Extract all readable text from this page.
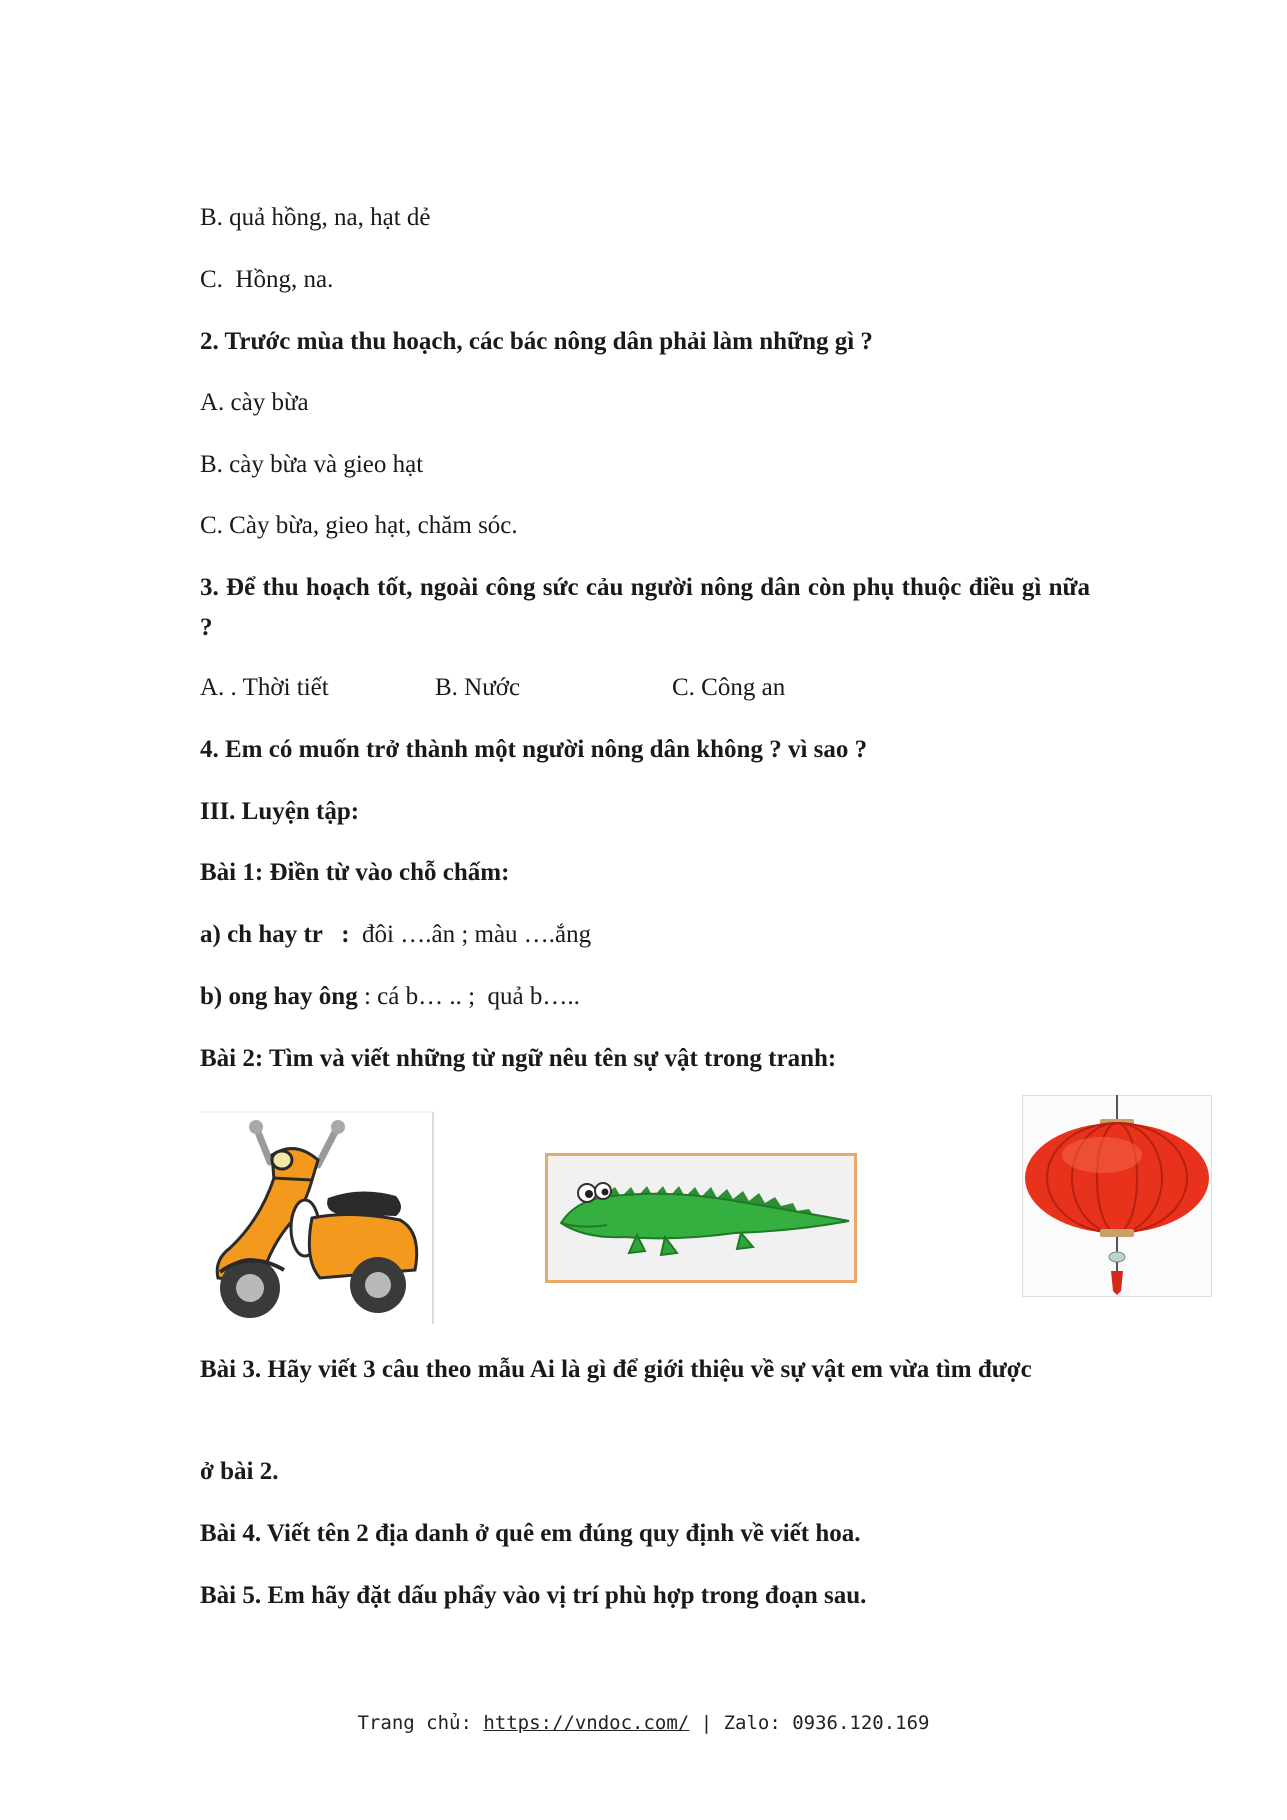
B. quả hồng, na, hạt dẻ
C.  Hồng, na.
2. Trước mùa thu hoạch, các bác nông dân phải làm những gì ?
A. cày bừa
B. cày bừa và gieo hạt
C. Cày bừa, gieo hạt, chăm sóc.
3. Để thu hoạch tốt, ngoài công sức cảu người nông dân còn phụ thuộc điều gì nữa ?
A. . Thời tiết	B. Nước	C. Công an
4. Em có muốn trở thành một người nông dân không ? vì sao ?
III. Luyện tập:
Bài 1: Điền từ vào chỗ chấm:
a) ch hay tr   :  đôi ….ân ; màu ….ắng
b) ong hay ông : cá b… .. ;  quả b…..
Bài 2: Tìm và viết những từ ngữ nêu tên sự vật trong tranh:
Bài 3. Hãy viết 3 câu theo mẫu Ai là gì để giới thiệu về sự vật em vừa tìm được
ở bài 2.
Bài 4. Viết tên 2 địa danh ở quê em đúng quy định về viết hoa.
Bài 5. Em hãy đặt dấu phẩy vào vị trí phù hợp trong đoạn sau.
Trang chủ: https://vndoc.com/ | Zalo: 0936.120.169
